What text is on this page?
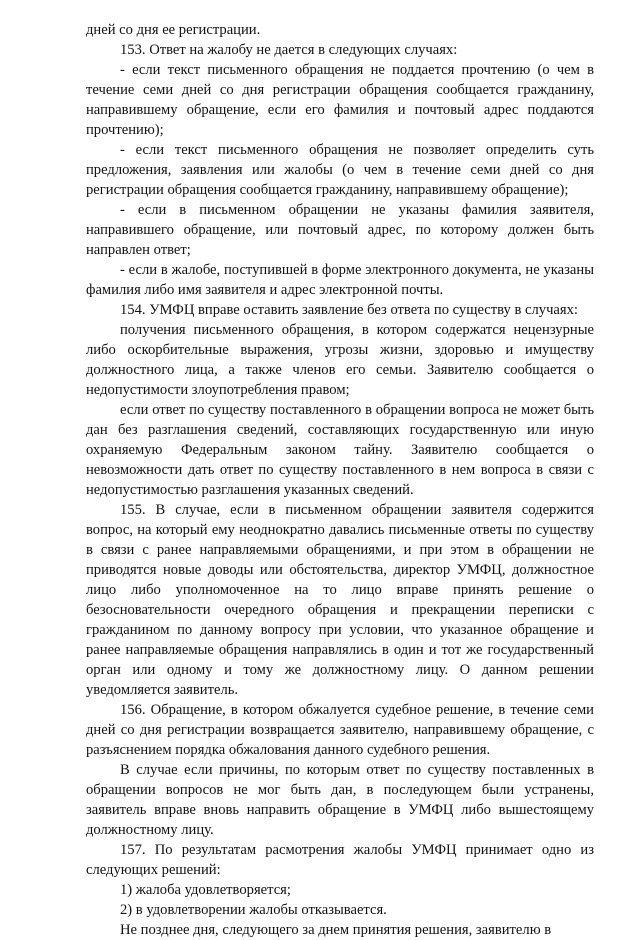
дней со дня ее регистрации.

153. Ответ на жалобу не дается в следующих случаях:

- если текст письменного обращения не поддается прочтению (о чем в течение семи дней со дня регистрации обращения сообщается гражданину, направившему обращение, если его фамилия и почтовый адрес поддаются прочтению);

- если текст письменного обращения не позволяет определить суть предложения, заявления или жалобы (о чем в течение семи дней со дня регистрации обращения сообщается гражданину, направившему обращение);

- если в письменном обращении не указаны фамилия заявителя, направившего обращение, или почтовый адрес, по которому должен быть направлен ответ;

- если в жалобе, поступившей в форме электронного документа, не указаны фамилия либо имя заявителя и адрес электронной почты.

154. УМФЦ вправе оставить заявление без ответа по существу в случаях:

получения письменного обращения, в котором содержатся нецензурные либо оскорбительные выражения, угрозы жизни, здоровью и имуществу должностного лица, а также членов его семьи. Заявителю сообщается о недопустимости злоупотребления правом;

если ответ по существу поставленного в обращении вопроса не может быть дан без разглашения сведений, составляющих государственную или иную охраняемую Федеральным законом тайну. Заявителю сообщается о невозможности дать ответ по существу поставленного в нем вопроса в связи с недопустимостью разглашения указанных сведений.

155. В случае, если в письменном обращении заявителя содержится вопрос, на который ему неоднократно давались письменные ответы по существу в связи с ранее направляемыми обращениями, и при этом в обращении не приводятся новые доводы или обстоятельства, директор УМФЦ, должностное лицо либо уполномоченное на то лицо вправе принять решение о безосновательности очередного обращения и прекращении переписки с гражданином по данному вопросу при условии, что указанное обращение и ранее направляемые обращения направлялись в один и тот же государственный орган или одному и тому же должностному лицу. О данном решении уведомляется заявитель.

156. Обращение, в котором обжалуется судебное решение, в течение семи дней со дня регистрации возвращается заявителю, направившему обращение, с разъяснением порядка обжалования данного судебного решения.

В случае если причины, по которым ответ по существу поставленных в обращении вопросов не мог быть дан, в последующем были устранены, заявитель вправе вновь направить обращение в УМФЦ либо вышестоящему должностному лицу.

157. По результатам расмотрения жалобы УМФЦ принимает одно из следующих решений:

1) жалоба удовлетворяется;

2) в удовлетворении жалобы отказывается.

Не позднее дня, следующего за днем принятия решения, заявителю в
